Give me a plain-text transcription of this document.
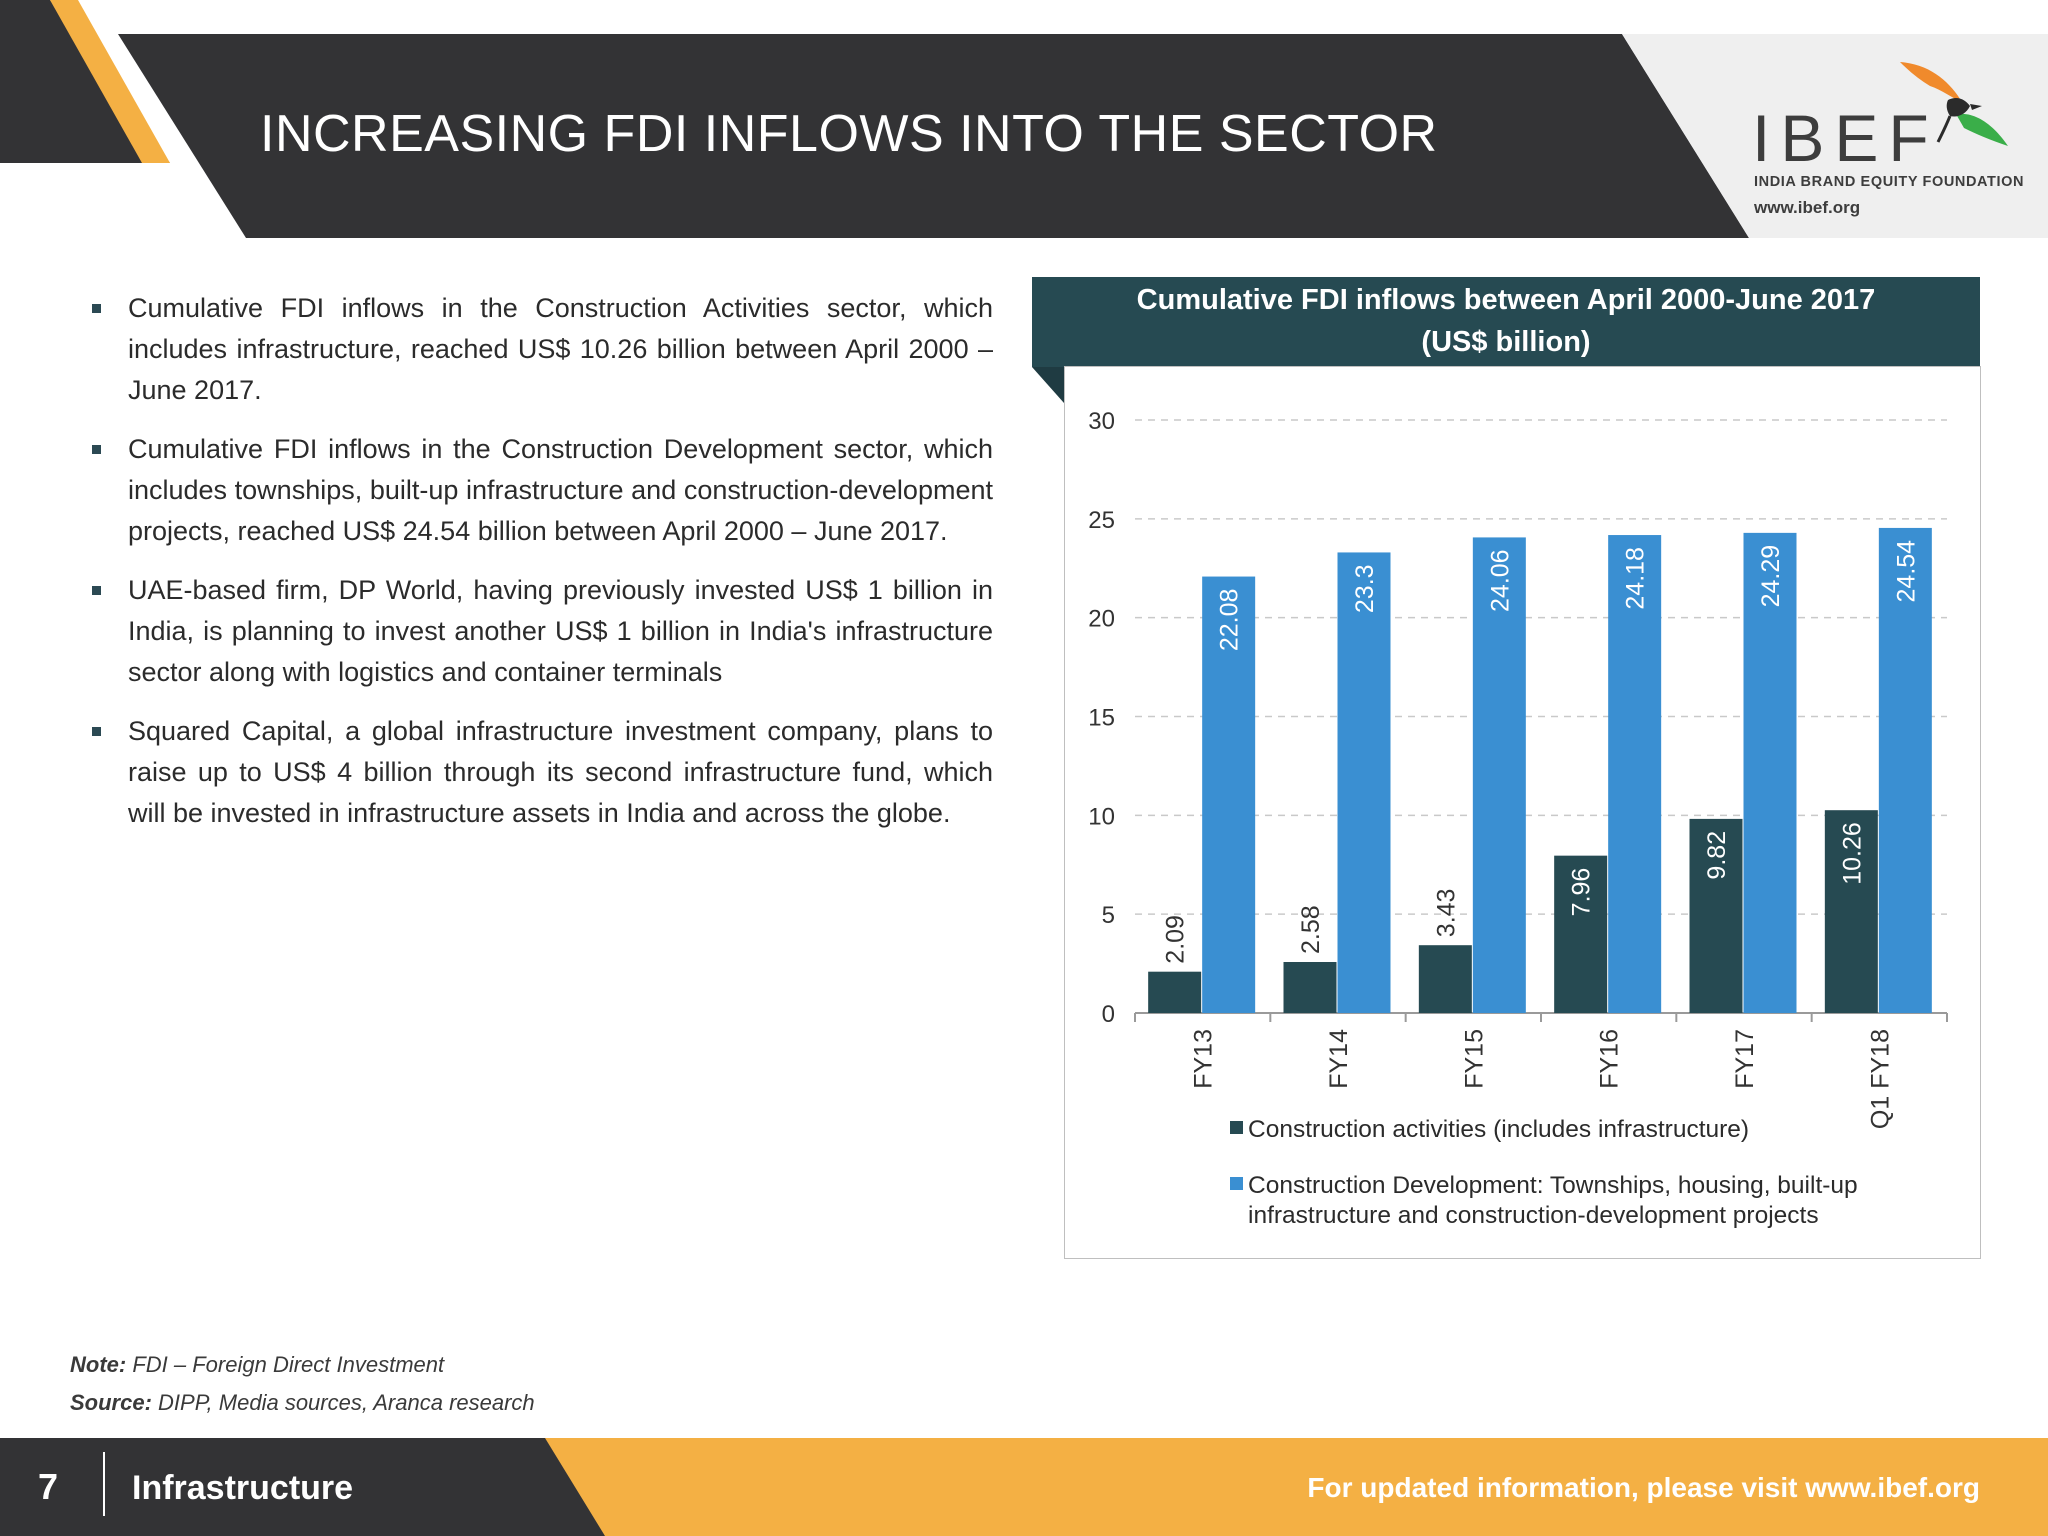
INCREASING FDI INFLOWS INTO THE SECTOR	IBEF
INDIA BRAND EQUITY FOUNDATION
www.ibef.org
Cumulative FDI inflows in the Construction Activities sector, which includes infrastructure, reached US$ 10.26 billion between April 2000 – June 2017.
Cumulative FDI inflows in the Construction Development sector, which includes townships, built-up infrastructure and construction-development projects, reached US$ 24.54 billion between April 2000 – June 2017.
UAE-based firm, DP World, having previously invested US$ 1 billion in India, is planning to invest another US$ 1 billion in India's infrastructure sector along with logistics and container terminals
Squared Capital, a global infrastructure investment company, plans to raise up to US$ 4 billion through its second infrastructure fund, which will be invested in infrastructure assets in India and across the globe.
Cumulative FDI inflows between April 2000-June 2017
(US$ billion)
0
5
10
15
20
25
30
2.09
22.08
FY13
2.58
23.3
FY14
3.43
24.06
FY15
7.96
24.18
FY16
9.82
24.29
FY17
10.26
24.54
Q1 FY18
Construction activities (includes infrastructure)
Construction Development: Townships, housing, built-up infrastructure and construction-development projects
Note: FDI – Foreign Direct Investment
Source: DIPP, Media sources, Aranca research
7 Infrastructure	For updated information, please visit www.ibef.org
